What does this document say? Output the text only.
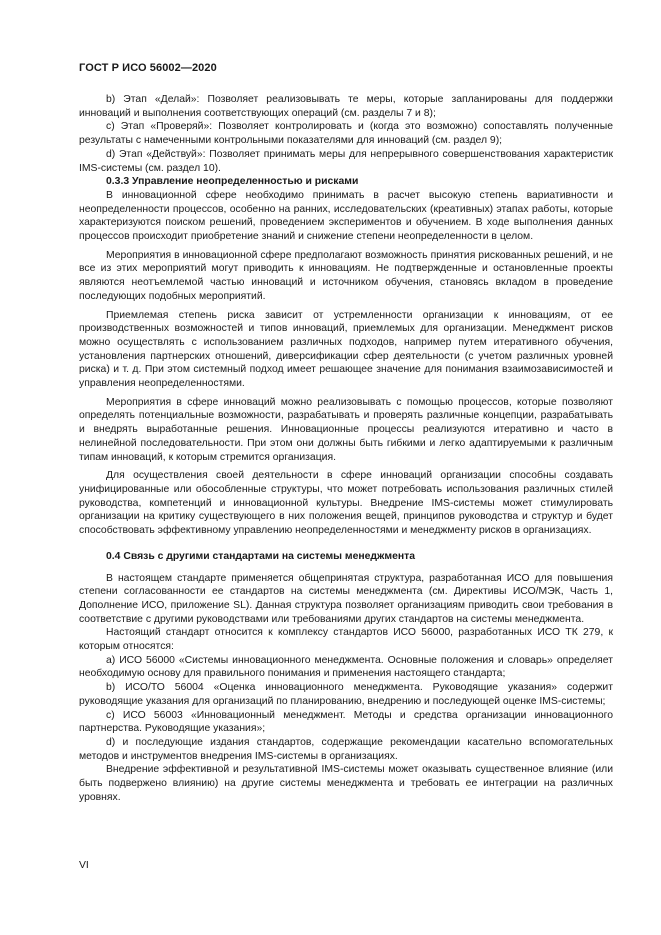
ГОСТ Р ИСО 56002—2020

b) Этап «Делай»: Позволяет реализовывать те меры, которые запланированы для поддержки инноваций и выполнения соответствующих операций (см. разделы 7 и 8);

c) Этап «Проверяй»: Позволяет контролировать и (когда это возможно) сопоставлять полученные результаты с намеченными контрольными показателями для инноваций (см. раздел 9);

d) Этап «Действуй»: Позволяет принимать меры для непрерывного совершенствования характеристик IMS-системы (см. раздел 10).

0.3.3 Управление неопределенностью и рисками

В инновационной сфере необходимо принимать в расчет высокую степень вариативности и неопределенности процессов, особенно на ранних, исследовательских (креативных) этапах работы, которые характеризуются поиском решений, проведением экспериментов и обучением. В ходе выполнения данных процессов происходит приобретение знаний и снижение степени неопределенности в целом.

Мероприятия в инновационной сфере предполагают возможность принятия рискованных решений, и не все из этих мероприятий могут приводить к инновациям. Не подтвержденные и остановленные проекты являются неотъемлемой частью инноваций и источником обучения, становясь вкладом в проведение последующих подобных мероприятий.

Приемлемая степень риска зависит от устремленности организации к инновациям, от ее производственных возможностей и типов инноваций, приемлемых для организации. Менеджмент рисков можно осуществлять с использованием различных подходов, например путем итеративного обучения, установления партнерских отношений, диверсификации сфер деятельности (с учетом различных уровней риска) и т. д. При этом системный подход имеет решающее значение для понимания взаимозависимостей и управления неопределенностями.

Мероприятия в сфере инноваций можно реализовывать с помощью процессов, которые позволяют определять потенциальные возможности, разрабатывать и проверять различные концепции, разрабатывать и внедрять выработанные решения. Инновационные процессы реализуются итеративно и часто в нелинейной последовательности. При этом они должны быть гибкими и легко адаптируемыми к различным типам инноваций, к которым стремится организация.

Для осуществления своей деятельности в сфере инноваций организации способны создавать унифицированные или обособленные структуры, что может потребовать использования различных стилей руководства, компетенций и инновационной культуры. Внедрение IMS-системы может стимулировать организации на критику существующего в них положения вещей, принципов руководства и структур и будет способствовать эффективному управлению неопределенностями и менеджменту рисков в организациях.

0.4 Связь с другими стандартами на системы менеджмента

В настоящем стандарте применяется общепринятая структура, разработанная ИСО для повышения степени согласованности ее стандартов на системы менеджмента (см. Директивы ИСО/МЭК, Часть 1, Дополнение ИСО, приложение SL). Данная структура позволяет организациям приводить свои требования в соответствие с другими руководствами или требованиями других стандартов на системы менеджмента.

Настоящий стандарт относится к комплексу стандартов ИСО 56000, разработанных ИСО ТК 279, к которым относятся:

a) ИСО 56000 «Системы инновационного менеджмента. Основные положения и словарь» определяет необходимую основу для правильного понимания и применения настоящего стандарта;

b) ИСО/ТО 56004 «Оценка инновационного менеджмента. Руководящие указания» содержит руководящие указания для организаций по планированию, внедрению и последующей оценке IMS-системы;

c) ИСО 56003 «Инновационный менеджмент. Методы и средства организации инновационного партнерства. Руководящие указания»;

d) и последующие издания стандартов, содержащие рекомендации касательно вспомогательных методов и инструментов внедрения IMS-системы в организациях.

Внедрение эффективной и результативной IMS-системы может оказывать существенное влияние (или быть подвержено влиянию) на другие системы менеджмента и требовать ее интеграции на различных уровнях.

VI
